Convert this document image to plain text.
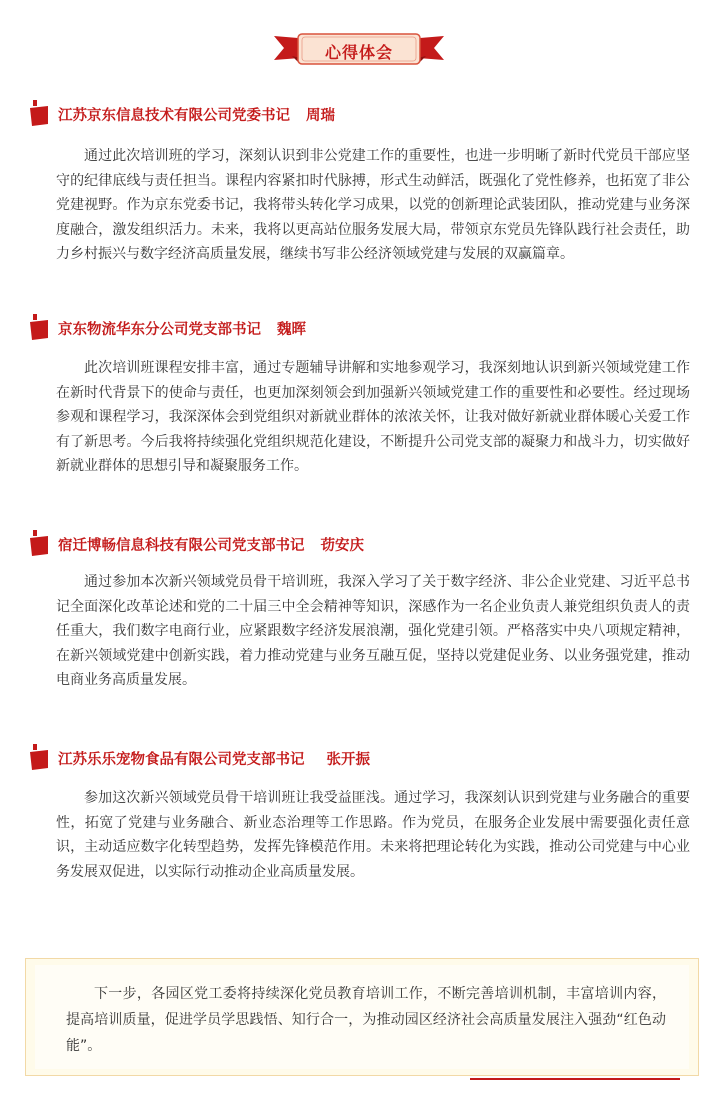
心得体会
江苏京东信息技术有限公司党委书记 周瑞

通过此次培训班的学习，深刻认识到非公党建工作的重要性，也进一步明晰了新时代党员干部应坚守的纪律底线与责任担当。课程内容紧扣时代脉搏，形式生动鲜活，既强化了党性修养，也拓宽了非公党建视野。作为京东党委书记，我将带头转化学习成果，以党的创新理论武装团队，推动党建与业务深度融合，激发组织活力。未来，我将以更高站位服务发展大局，带领京东党员先锋队践行社会责任，助力乡村振兴与数字经济高质量发展，继续书写非公经济领域党建与发展的双赢篇章。

京东物流华东分公司党支部书记 魏晖

此次培训班课程安排丰富，通过专题辅导讲解和实地参观学习，我深刻地认识到新兴领域党建工作在新时代背景下的使命与责任，也更加深刻领会到加强新兴领域党建工作的重要性和必要性。经过现场参观和课程学习，我深深体会到党组织对新就业群体的浓浓关怀，让我对做好新就业群体暖心关爱工作有了新思考。今后我将持续强化党组织规范化建设，不断提升公司党支部的凝聚力和战斗力，切实做好新就业群体的思想引导和凝聚服务工作。

宿迁博畅信息科技有限公司党支部书记 苆安庆

通过参加本次新兴领域党员骨干培训班，我深入学习了关于数字经济、非公企业党建、习近平总书记全面深化改革论述和党的二十届三中全会精神等知识，深感作为一名企业负责人兼党组织负责人的责任重大，我们数字电商行业，应紧跟数字经济发展浪潮，强化党建引领。严格落实中央八项规定精神，在新兴领域党建中创新实践，着力推动党建与业务互融互促，坚持以党建促业务、以业务强党建，推动电商业务高质量发展。

江苏乐乐宠物食品有限公司党支部书记 张开振

参加这次新兴领域党员骨干培训班让我受益匪浅。通过学习，我深刻认识到党建与业务融合的重要性，拓宽了党建与业务融合、新业态治理等工作思路。作为党员，在服务企业发展中需要强化责任意识，主动适应数字化转型趋势，发挥先锋模范作用。未来将把理论转化为实践，推动公司党建与中心业务发展双促进，以实际行动推动企业高质量发展。

下一步，各园区党工委将持续深化党员教育培训工作，不断完善培训机制，丰富培训内容，提高培训质量，促进学员学思践悟、知行合一，为推动园区经济社会高质量发展注入强劲“红色动能”。
